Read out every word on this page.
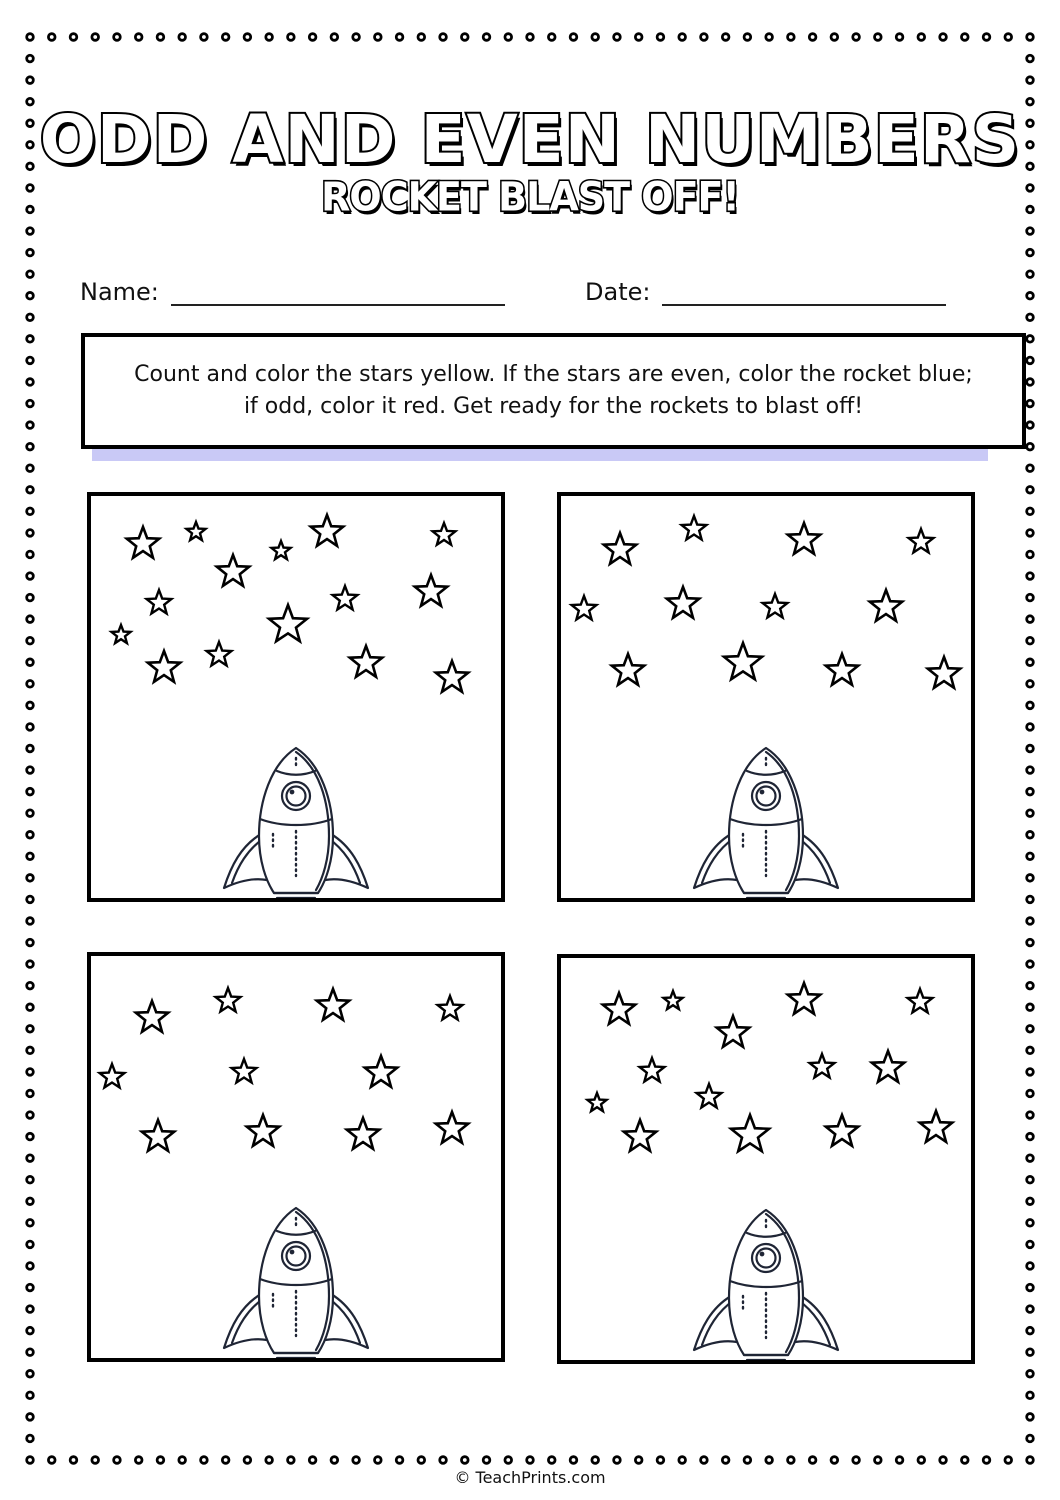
ODD AND EVEN NUMBERS
ROCKET BLAST OFF!
Name:	Date:
Count and color the stars yellow. If the stars are even, color the rocket blue; if odd, color it red. Get ready for the rockets to blast off!
© TeachPrints.com
